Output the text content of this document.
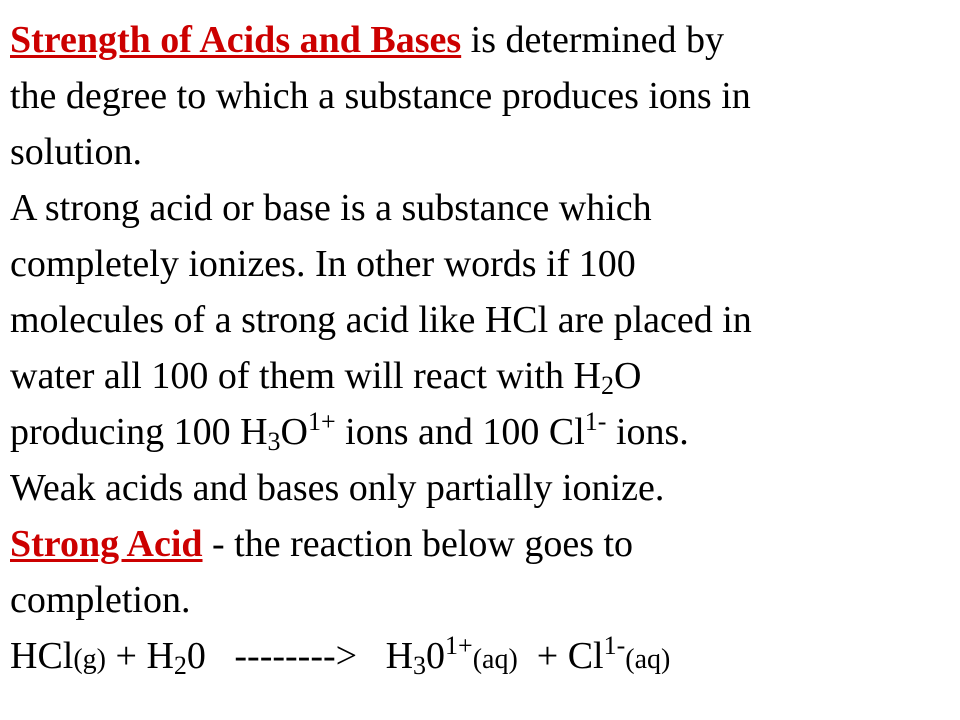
Strength of Acids and Bases is determined by
the degree to which a substance produces ions in
solution.
A strong acid or base is a substance which
completely ionizes. In other words if 100
molecules of a strong acid like HCl are placed in
water all 100 of them will react with $H_2O$
producing 100 $H_3O^{1+}$ ions and 100 $Cl^{1-}$ ions.
Weak acids and bases only partially ionize.
Strong Acid - the reaction below goes to
completion.
$HCl(g) + H_20$   -------->   $H_30^{1+}(aq) + Cl^{1-}(aq)$
